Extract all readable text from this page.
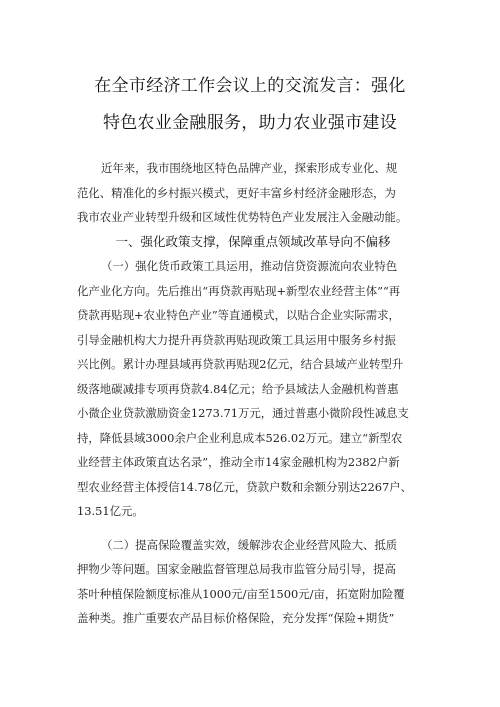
在全市经济工作会议上的交流发言：强化
特色农业金融服务，助力农业强市建设
近年来，我市围绕地区特色品牌产业，探索形成专业化、规
范化、精准化的乡村振兴模式，更好丰富乡村经济金融形态，为
我市农业产业转型升级和区域性优势特色产业发展注入金融动能。
一、强化政策支撑，保障重点领域改革导向不偏移
（一）强化货币政策工具运用，推动信贷资源流向农业特色
化产业化方向。先后推出“再贷款再贴现+新型农业经营主体”“再
贷款再贴现+农业特色产业”等直通模式，以贴合企业实际需求，
引导金融机构大力提升再贷款再贴现政策工具运用中服务乡村振
兴比例。累计办理县域再贷款再贴现2亿元，结合县域产业转型升
级落地碳减排专项再贷款4.84亿元；给予县域法人金融机构普惠
小微企业贷款激励资金1273.71万元，通过普惠小微阶段性减息支
持，降低县域3000余户企业利息成本526.02万元。建立“新型农
业经营主体政策直达名录”，推动全市14家金融机构为2382户新
型农业经营主体授信14.78亿元，贷款户数和余额分别达2267户、
13.51亿元。
（二）提高保险覆盖实效，缓解涉农企业经营风险大、抵质
押物少等问题。国家金融监督管理总局我市监管分局引导，提高
茶叶种植保险额度标准从1000元/亩至1500元/亩，拓宽附加险覆
盖种类。推广重要农产品目标价格保险，充分发挥“保险+期货”
